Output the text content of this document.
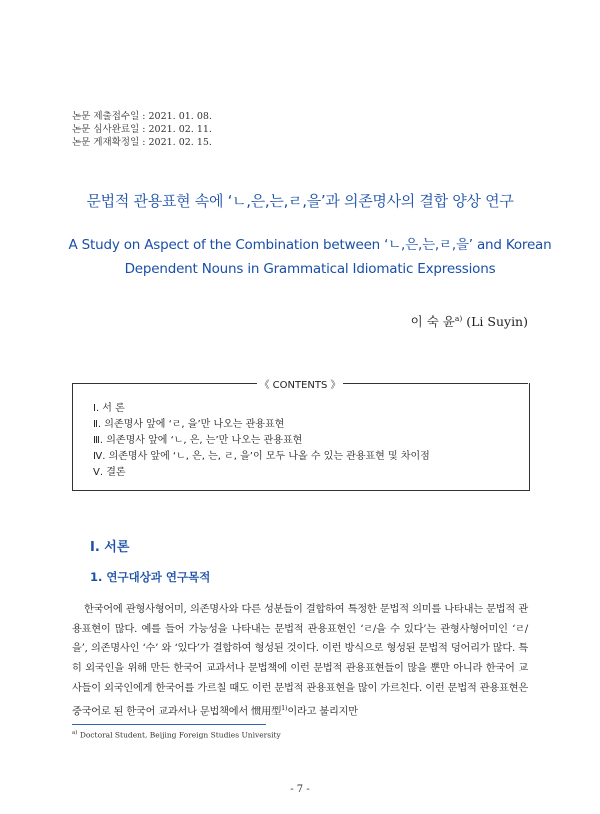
논문 제출접수일 : 2021. 01. 08.
논문 심사완료일 : 2021. 02. 11.
논문 게재확정일 : 2021. 02. 15.
문법적 관용표현 속에 ‘ㄴ,은,는,ㄹ,을’과 의존명사의 결합 양상 연구
A Study on Aspect of the Combination between ‘ㄴ,은,는,ㄹ,을’ and Korean
Dependent Nouns in Grammatical Idiomatic Expressions
이 숙 윤$^{a)}$ (Li Suyin)
《 CONTENTS 》
Ⅰ. 서 론
Ⅱ. 의존명사 앞에 ‘ㄹ, 을’만 나오는 관용표현
Ⅲ. 의존명사 앞에 ‘ㄴ, 은, 는’만 나오는 관용표현
Ⅳ. 의존명사 앞에 ‘ㄴ, 은, 는, ㄹ, 을’이 모두 나올 수 있는 관용표현 및 차이점
Ⅴ. 결론
Ⅰ. 서론
1. 연구대상과 연구목적
한국어에 관형사형어미, 의존명사와 다른 성분들이 결합하여 특정한 문법적 의미를 나타내는 문법적 관용표현이 많다. 예를 들어 가능성을 나타내는 문법적 관용표현인 ‘ㄹ/을 수 있다’는 관형사형어미인 ‘ㄹ/을’, 의존명사인 ‘수’ 와 ‘있다’가 결합하여 형성된 것이다. 이런 방식으로 형성된 문법적 덩어리가 많다. 특히 외국인을 위해 만든 한국어 교과서나 문법책에 이런 문법적 관용표현들이 많을 뿐만 아니라 한국어 교사들이 외국인에게 한국어를 가르칠 때도 이런 문법적 관용표현을 많이 가르친다. 이런 문법적 관용표현은 중국어로 된 한국어 교과서나 문법책에서 惯用型$^{1)}$이라고 불리지만
$^{a)}$ Doctoral Student, Beijing Foreign Studies University
- 7 -
